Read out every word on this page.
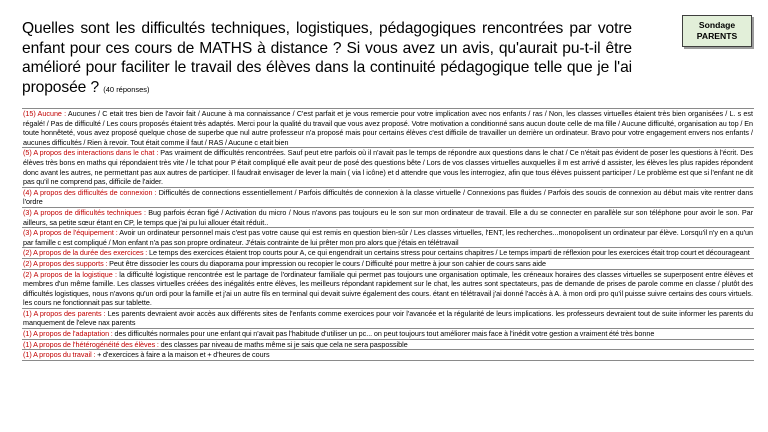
Quelles sont les difficultés techniques, logistiques, pédagogiques rencontrées par votre enfant pour ces cours de MATHS à distance ? Si vous avez un avis, qu'aurait pu-t-il être amélioré pour faciliter le travail des élèves dans la continuité pédagogique telle que je l'ai proposée ? (40 réponses)
Sondage
PARENTS
(15) Aucune : Aucunes / C etait tres bien de l'avoir fait / Aucune à ma connaissance / C'est parfait et je vous remercie pour votre implication avec nos enfants / ras / Non, les classes virtuelles étaient très bien organisées / L. s est régalé! / Pas de difficulté / Les cours proposés étaient très adaptés. Merci pour la qualité du travail que vous avez proposé. Votre motivation a conditionné sans aucun doute celle de ma fille / Aucune difficulté, organisation au top / En toute honnêteté, vous avez proposé quelque chose de superbe que nul autre professeur n'a proposé mais pour certains élèves c'est difficile de travailler un derrière un ordinateur. Bravo pour votre engagement envers nos enfants / aucunes difficultés / Rien à revoir. Tout était comme il faut / RAS / Aucune c etait bien
(5) A propos des interactions dans le chat : Pas vraiment de difficultés rencontrées. Sauf peut etre parfois où il n'avait pas le temps de répondre aux questions dans le chat / Ce n'était pas évident de poser les questions à l'écrit. Des élèves très bons en maths qui répondaient très vite / le tchat pour P était compliqué elle avait peur de posé des questions bête / Lors de vos classes virtuelles auxquelles il m est arrivé d assister, les élèves les plus rapides répondent donc avant les autres, ne permettant pas aux autres de participer. Il faudrait envisager de lever la main ( via l icône) et d attendre que vous les interrogiez, afin que tous élèves puissent participer / Le problème est que si l'enfant ne dit pas qu'il ne comprend pas, difficile de l'aider.
(4) A propos des difficultés de connexion : Difficultés de connections essentiellement / Parfois difficultés de connexion à la classe virtuelle / Connexions pas fluides / Parfois des soucis de connexion au début mais vite rentrer dans l'ordre
(3) A propos de difficultés techniques : Bug parfois écran figé / Activation du micro / Nous n'avons pas toujours eu le son sur mon ordinateur de travail. Elle a du se connecter en parallèle sur son téléphone pour avoir le son. Par ailleurs, sa petite sœur étant en CP, le temps que j'ai pu lui allouer était réduit..
(3) A propos de l'équipement : Avoir un ordinateur personnel mais c'est pas votre cause qui est remis en question bien-sûr / Les classes virtuelles, l'ENT, les recherches...monopolisent un ordinateur par élève. Lorsqu'il n'y en a qu'un par famille c est compliqué / Mon enfant n'a pas son propre ordinateur. J'étais contrainte de lui prêter mon pro alors que j'étais en télétravail
(2) A propos de la durée des exercices : Le temps des exercices étaient trop courts pour A, ce qui engendrait un certains stress pour certains chapitres / Le temps imparti de réflexion pour les exercices était trop court et décourageant
(2) A propos des supports : Peut être dissocier les cours du diaporama pour impression ou recopier le cours / Difficulté pour mettre à jour son cahier de cours sans aide
(2) A propos de la logistique : la difficulté logistique rencontrée est le partage de l'ordinateur familiale qui permet pas toujours une organisation optimale, les créneaux horaires des classes virtuelles se superposent entre élèves et membres d'un même famille. Les classes virtuelles créées des inégalités entre élèves, les meilleurs répondant rapidement sur le chat, les autres sont spectateurs, pas de demande de prises de parole comme en classe / plutôt des difficultés logistiques, nous n'avons qu'un ordi pour la famille et j'ai un autre fils en terminal qui devait suivre également des cours. étant en télétravail j'ai donné l'accès à A. à mon ordi pro qu'il puisse suivre certains des cours virtuels. les cours ne fonctionnait pas sur tablette.
(1) A propos des parents : Les parents devraient avoir accès aux différents sites de l'enfants comme exercices pour voir l'avancée et la régularité de leurs implications. les professeurs devraient tout de suite informer les parents du manquement de l'eleve nax parents
(1) A propos de l'adaptation : des difficultés normales pour une enfant qui n'avait pas l'habitude d'utiliser un pc... on peut toujours tout améliorer mais face à l'inédit votre gestion a vraiment été très bonne
(1) A propos de l'hétérogénéité des élèves : des classes par niveau de maths même si je sais que cela ne sera paspossible
(1) A propos du travail : + d'exercices à faire a la maison et + d'heures de cours
